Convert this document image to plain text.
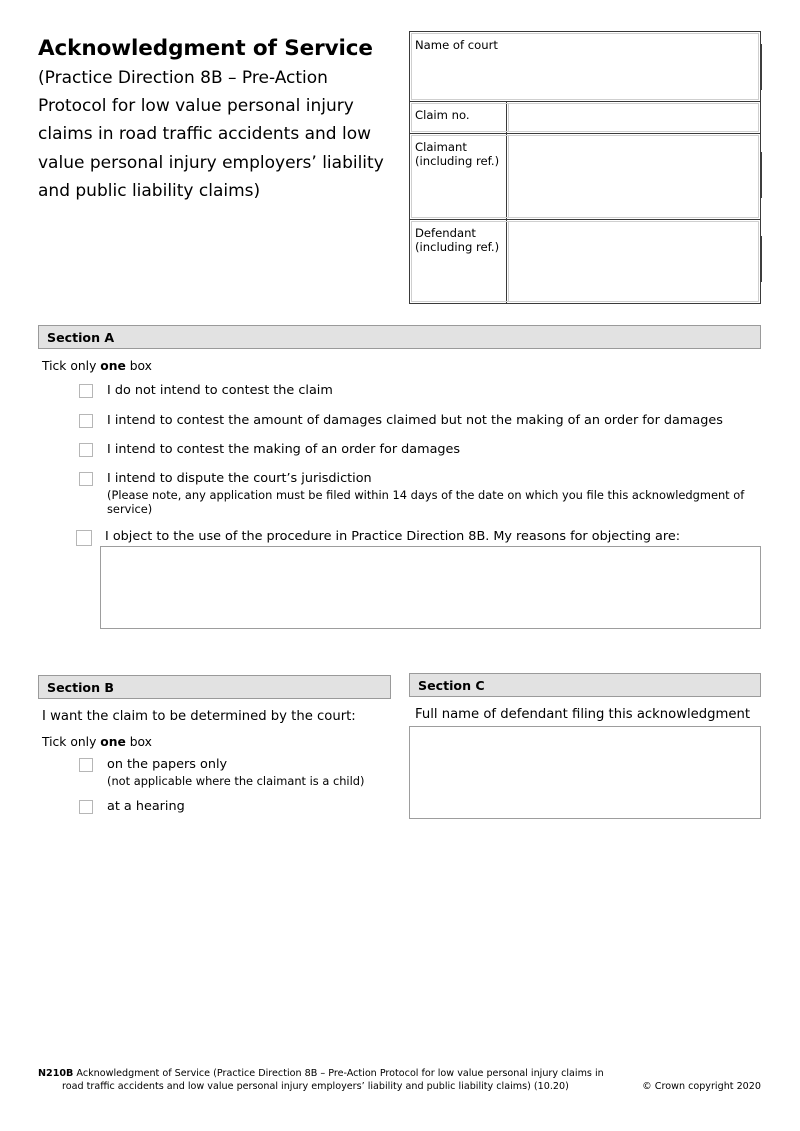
Acknowledgment of Service

(Practice Direction 8B – Pre-Action Protocol for low value personal injury claims in road traffic accidents and low value personal injury employers’ liability and public liability claims)

Name of court
Claim no.
Claimant
(including ref.)
Defendant
(including ref.)
Section A
Tick only one box
I do not intend to contest the claim
I intend to contest the amount of damages claimed but not the making of an order for damages
I intend to contest the making of an order for damages
I intend to dispute the court’s jurisdiction
(Please note, any application must be filed within 14 days of the date on which you file this acknowledgment of service)
I object to the use of the procedure in Practice Direction 8B. My reasons for objecting are:
Section B
I want the claim to be determined by the court:
Tick only one box
on the papers only
(not applicable where the claimant is a child)
at a hearing
Section C
Full name of defendant filing this acknowledgment
N210B Acknowledgment of Service (Practice Direction 8B – Pre-Action Protocol for low value personal injury claims in
road traffic accidents and low value personal injury employers’ liability and public liability claims) (10.20)	© Crown copyright 2020
